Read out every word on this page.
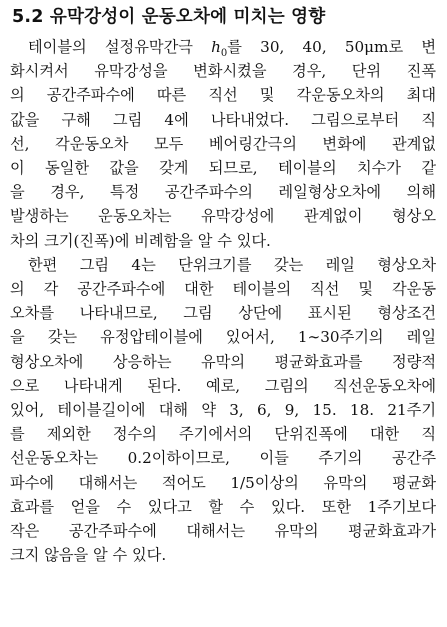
5.2 유막강성이 운동오차에 미치는 영향
테이블의 설정유막간극 $h_0$를 30, 40, 50μm로 변
화시켜서 유막강성을 변화시켰을 경우, 단위 진폭
의 공간주파수에 따른 직선 및 각운동오차의 최대
값을 구해 그림 4에 나타내었다. 그림으로부터 직
선, 각운동오차 모두 베어링간극의 변화에 관계없
이 동일한 값을 갖게 되므로, 테이블의 치수가 같
을 경우, 특정 공간주파수의 레일형상오차에 의해
발생하는 운동오차는 유막강성에 관계없이 형상오
차의 크기(진폭)에 비례함을 알 수 있다.
한편 그림 4는 단위크기를 갖는 레일 형상오차
의 각 공간주파수에 대한 테이블의 직선 및 각운동
오차를 나타내므로, 그림 상단에 표시된 형상조건
을 갖는 유정압테이블에 있어서, 1∼30주기의 레일
형상오차에 상응하는 유막의 평균화효과를 정량적
으로 나타내게 된다. 예로, 그림의 직선운동오차에
있어, 테이블길이에 대해 약 3, 6, 9, 15. 18. 21주기
를 제외한 정수의 주기에서의 단위진폭에 대한 직
선운동오차는 0.2이하이므로, 이들 주기의 공간주
파수에 대해서는 적어도 1/5이상의 유막의 평균화
효과를 얻을 수 있다고 할 수 있다. 또한 1주기보다
작은 공간주파수에 대해서는 유막의 평균화효과가
크지 않음을 알 수 있다.
